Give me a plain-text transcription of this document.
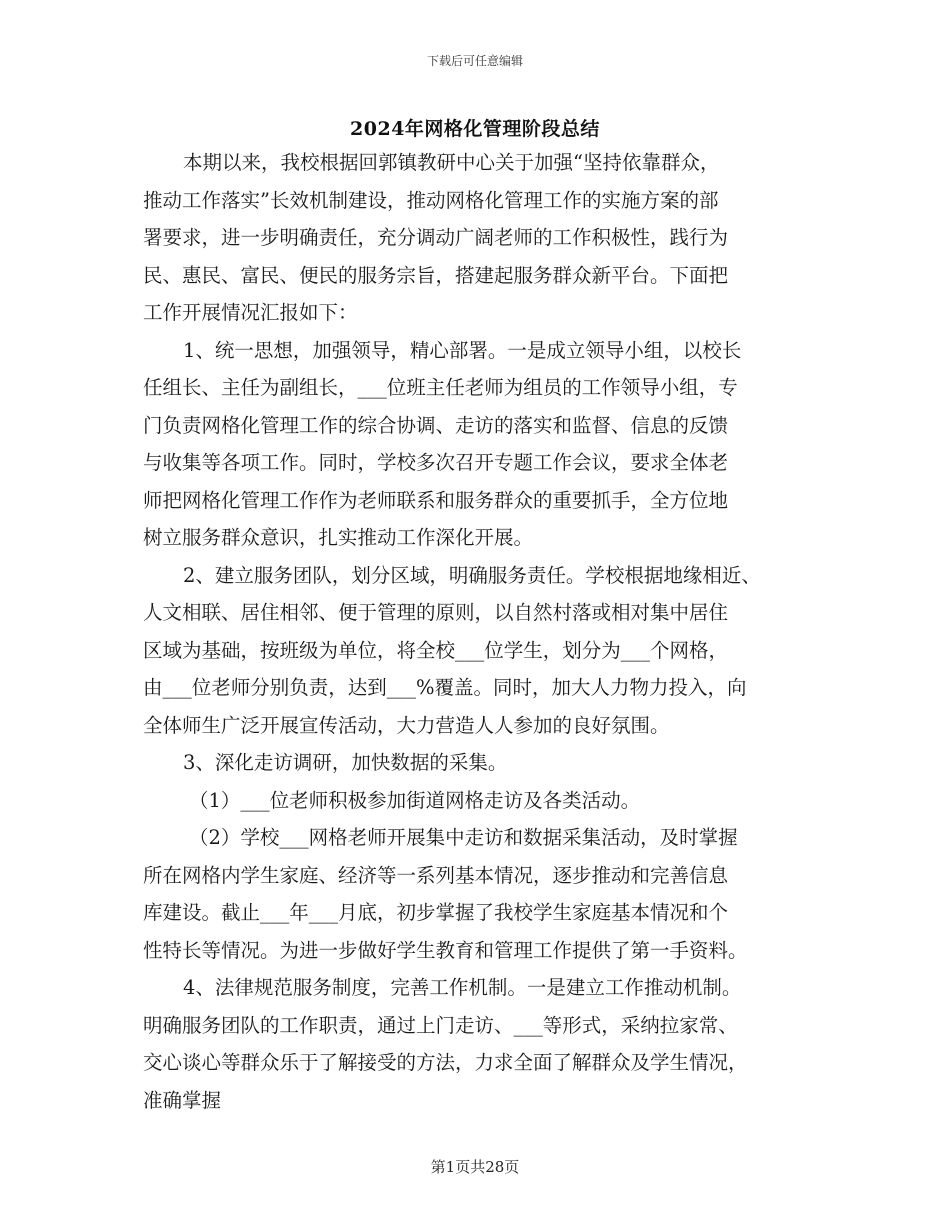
下载后可任意编辑
2024年网格化管理阶段总结
本期以来，我校根据回郭镇教研中心关于加强“坚持依靠群众，
推动工作落实”长效机制建设，推动网格化管理工作的实施方案的部
署要求，进一步明确责任，充分调动广阔老师的工作积极性，践行为
民、惠民、富民、便民的服务宗旨，搭建起服务群众新平台。下面把
工作开展情况汇报如下：
1、统一思想，加强领导，精心部署。一是成立领导小组，以校长
任组长、主任为副组长，___位班主任老师为组员的工作领导小组，专
门负责网格化管理工作的综合协调、走访的落实和监督、信息的反馈
与收集等各项工作。同时，学校多次召开专题工作会议，要求全体老
师把网格化管理工作作为老师联系和服务群众的重要抓手，全方位地
树立服务群众意识，扎实推动工作深化开展。
2、建立服务团队，划分区域，明确服务责任。学校根据地缘相近、
人文相联、居住相邻、便于管理的原则，以自然村落或相对集中居住
区域为基础，按班级为单位，将全校___位学生，划分为___个网格，
由___位老师分别负责，达到___%覆盖。同时，加大人力物力投入，向
全体师生广泛开展宣传活动，大力营造人人参加的良好氛围。
3、深化走访调研，加快数据的采集。
（1）___位老师积极参加街道网格走访及各类活动。
（2）学校___网格老师开展集中走访和数据采集活动，及时掌握
所在网格内学生家庭、经济等一系列基本情况，逐步推动和完善信息
库建设。截止___年___月底，初步掌握了我校学生家庭基本情况和个
性特长等情况。为进一步做好学生教育和管理工作提供了第一手资料。
4、法律规范服务制度，完善工作机制。一是建立工作推动机制。
明确服务团队的工作职责，通过上门走访、___等形式，采纳拉家常、
交心谈心等群众乐于了解接受的方法，力求全面了解群众及学生情况，
准确掌握
第1页共28页
